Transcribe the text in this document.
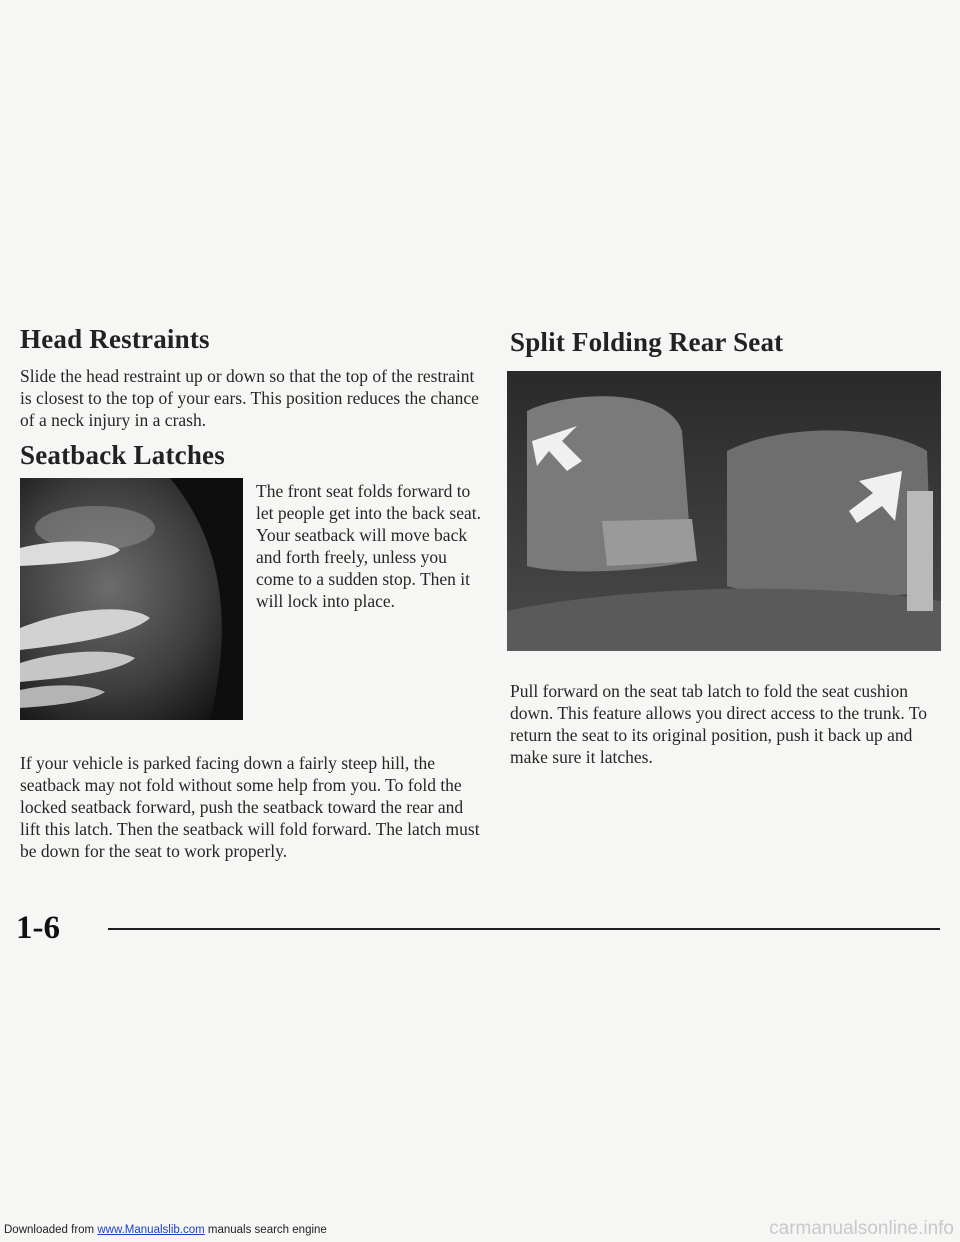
Head Restraints

Slide the head restraint up or down so that the top of the restraint is closest to the top of your ears. This position reduces the chance of a neck injury in a crash.

Seatback Latches

The front seat folds forward to let people get into the back seat. Your seatback will move back and forth freely, unless you come to a sudden stop. Then it will lock into place.

If your vehicle is parked facing down a fairly steep hill, the seatback may not fold without some help from you. To fold the locked seatback forward, push the seatback toward the rear and lift this latch. Then the seatback will fold forward. The latch must be down for the seat to work properly.

Split Folding Rear Seat

Pull forward on the seat tab latch to fold the seat cushion down. This feature allows you direct access to the trunk. To return the seat to its original position, push it back up and make sure it latches.

1-6
Downloaded from www.Manualslib.com manuals search engine	carmanualsonline.info
